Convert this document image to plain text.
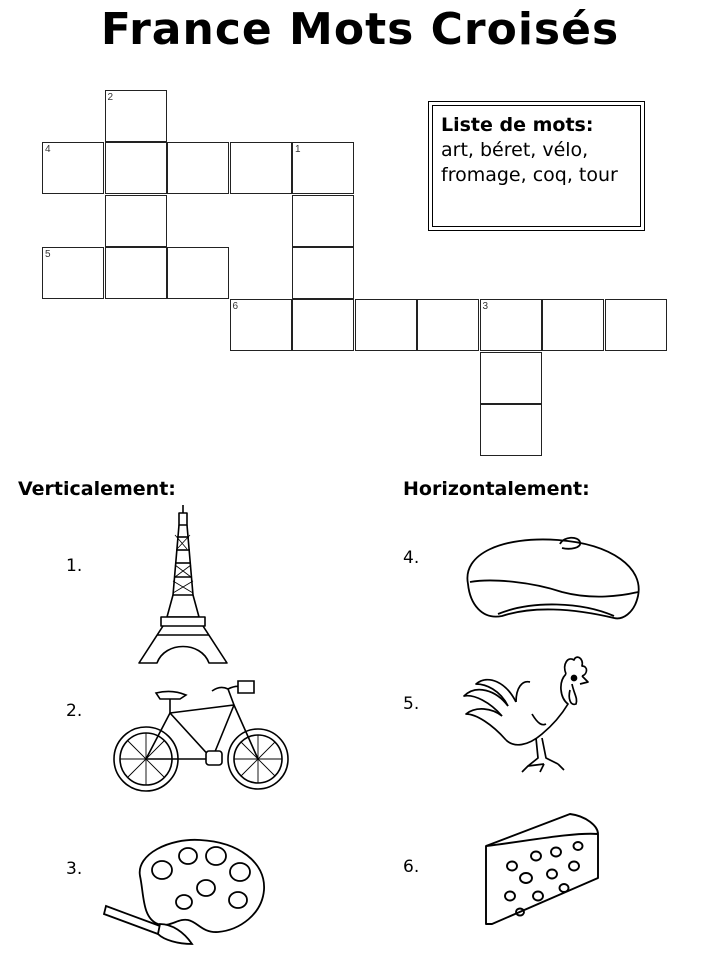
France Mots Croisés
2
4	1
5
6	3
Liste de mots:
art, béret, vélo, fromage, coq, tour
Verticalement:	Horizontalement:
1.
2.
3.
4.
5.
6.
